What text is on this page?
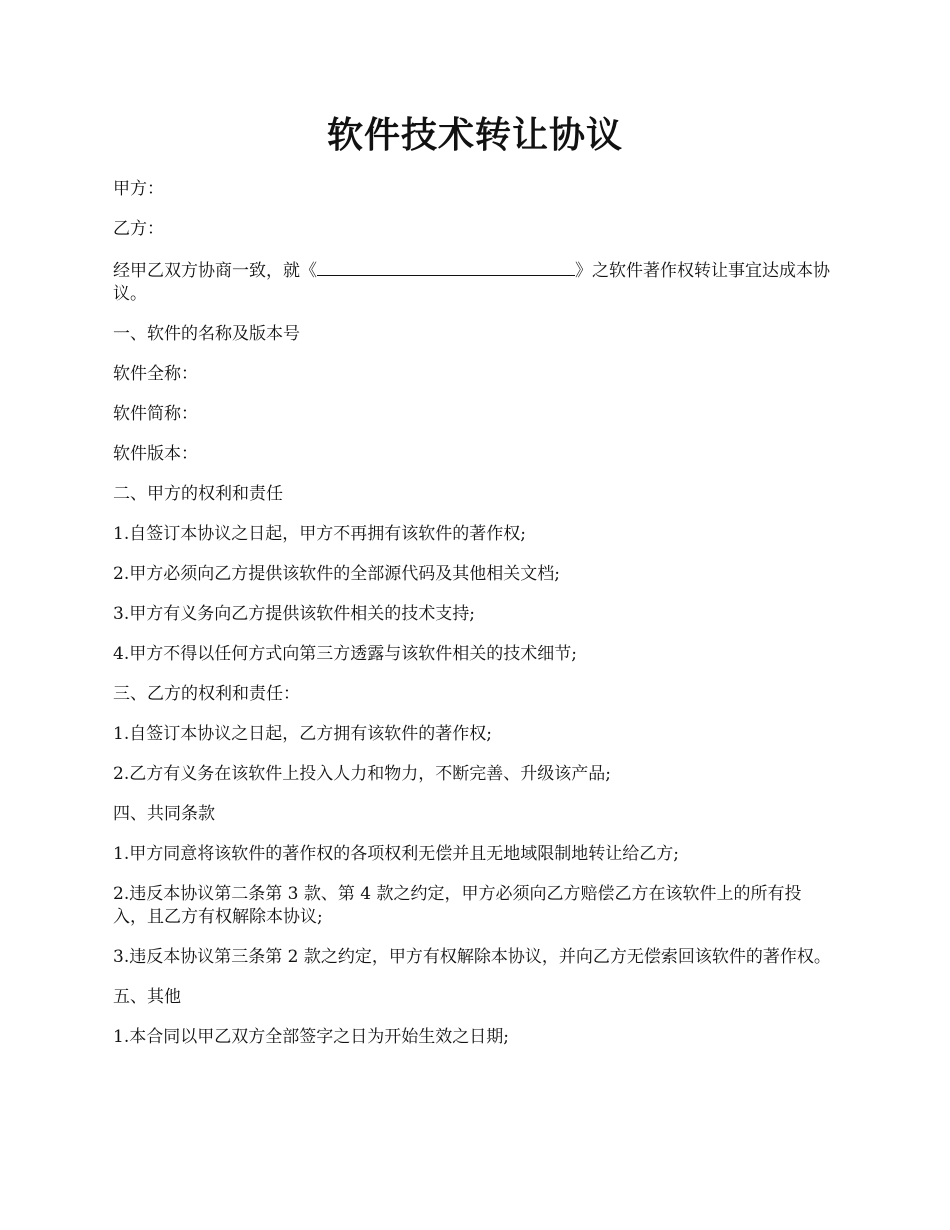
软件技术转让协议

甲方：

乙方：

经甲乙双方协商一致，就《	》之软件著作权转让事宜达成本协议。

一、软件的名称及版本号

软件全称：

软件简称：

软件版本：

二、甲方的权利和责任

1.自签订本协议之日起，甲方不再拥有该软件的著作权;

2.甲方必须向乙方提供该软件的全部源代码及其他相关文档;

3.甲方有义务向乙方提供该软件相关的技术支持;

4.甲方不得以任何方式向第三方透露与该软件相关的技术细节;

三、乙方的权利和责任：

1.自签订本协议之日起，乙方拥有该软件的著作权;

2.乙方有义务在该软件上投入人力和物力，不断完善、升级该产品;

四、共同条款

1.甲方同意将该软件的著作权的各项权利无偿并且无地域限制地转让给乙方;

2.违反本协议第二条第 3 款、第 4 款之约定，甲方必须向乙方赔偿乙方在该软件上的所有投入，且乙方有权解除本协议;

3.违反本协议第三条第 2 款之约定，甲方有权解除本协议，并向乙方无偿索回该软件的著作权。

五、其他

1.本合同以甲乙双方全部签字之日为开始生效之日期;
